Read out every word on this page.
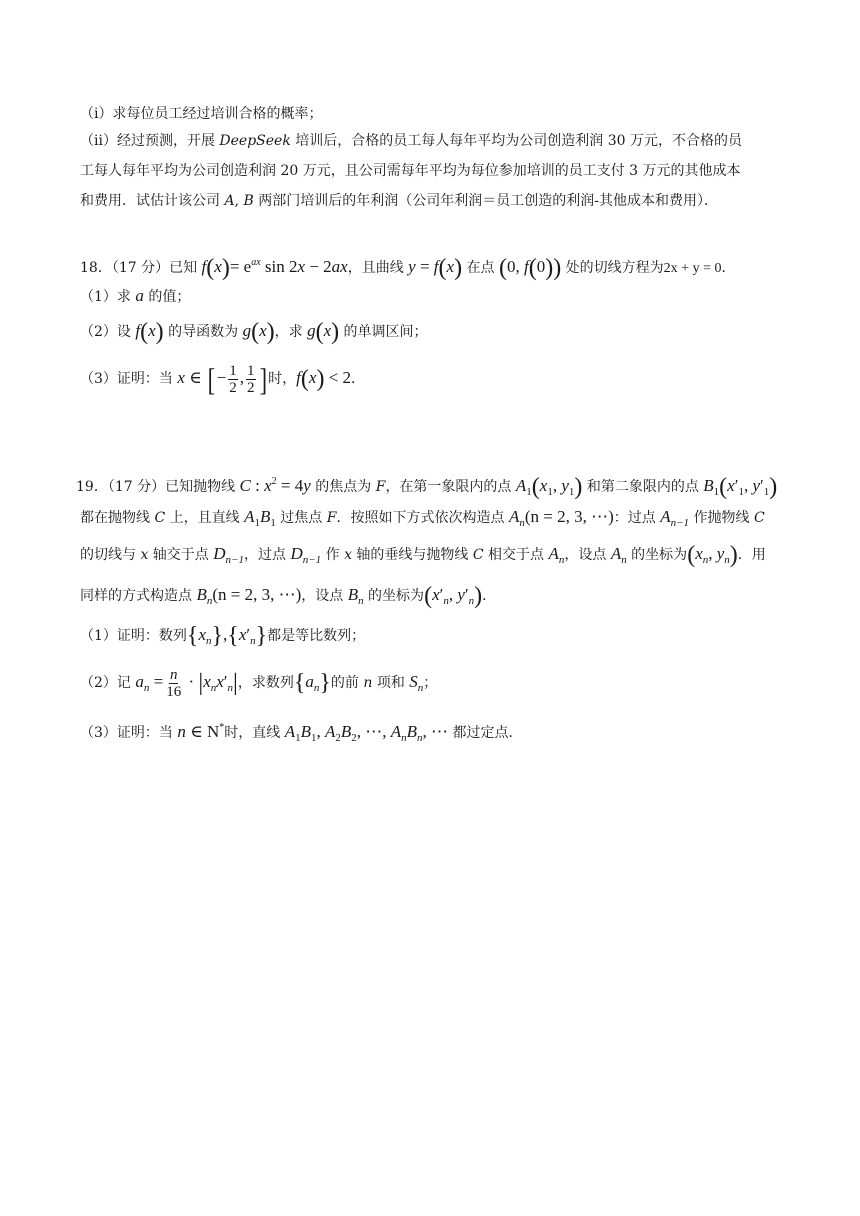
（ⅰ）求每位员工经过培训合格的概率；
（ⅱ）经过预测，开展 DeepSeek 培训后，合格的员工每人每年平均为公司创造利润 30 万元，不合格的员
工每人每年平均为公司创造利润 20 万元，且公司需每年平均为每位参加培训的员工支付 3 万元的其他成本
和费用．试估计该公司 A, B 两部门培训后的年利润（公司年利润＝员工创造的利润-其他成本和费用）．
18．（17 分）已知 $f(x)= e^{ax}$ sin 2x − 2ax，且曲线 y = f(x) 在点 (0, f(0)) 处的切线方程为2x + y = 0．
（1）求 a 的值；
（2）设 f(x) 的导函数为 g(x)，求 g(x) 的单调区间；
（3）证明：当 x ∈ [− $\frac{1}{2}$ , $\frac{1}{2}$ ] 时，f(x) < 2．
19．（17 分）已知抛物线 C : $x^2 = 4y$ 的焦点为 F，在第一象限内的点 $A_1(x_1$, $y_1$) 和第二象限内的点 $B_1(x'_1$, $y'_1$)
都在抛物线 C 上，且直线 $A_1B_1$ 过焦点 F．按照如下方式依次构造点 $A_n(n = 2$, 3, ⋯)：过点 $A_{n-1}$ 作抛物线 C
的切线与 x 轴交于点 $D_{n-1}$，过点 $D_{n-1}$ 作 x 轴的垂线与抛物线 C 相交于点 $A_n$，设点 $A_n$ 的坐标为($x_n$, $y_n$)．用
同样的方式构造点 $B_n(n = 2$, 3, ⋯)，设点 $B_n$ 的坐标为($x'_n$, $y'_n$)．
（1）证明：数列$\{x_n\},\{x'_n\}$都是等比数列；
（2）记 $a_n = \frac{n}{16} \cdot |x_nx'_n|$，求数列$\{a_n\}$的前 n 项和 $S_n$；
（3）证明：当 n ∈ N*时，直线 $A_1B_1$, $A_2B_2$, ⋯, $A_nB_n$, ⋯ 都过定点．
